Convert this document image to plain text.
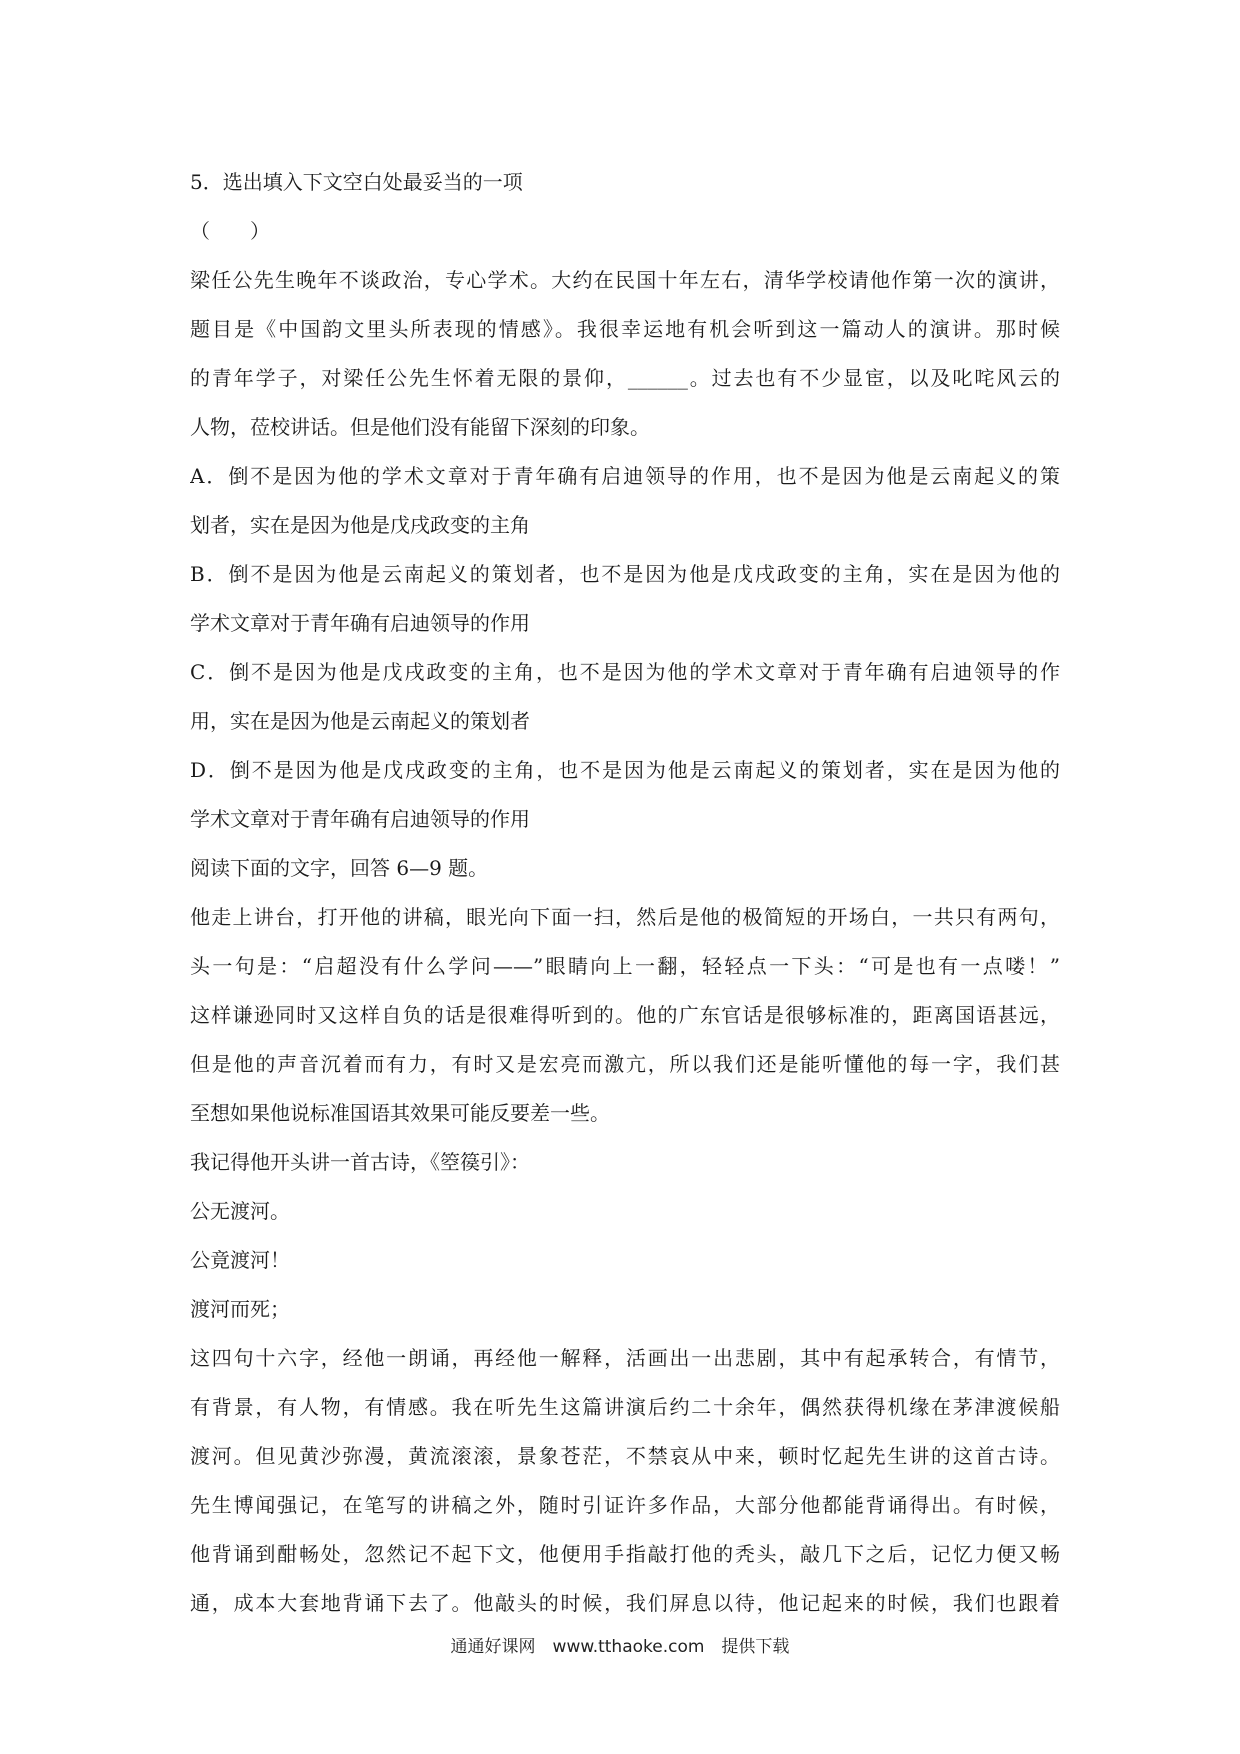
5．选出填入下文空白处最妥当的一项
（　　）
梁任公先生晚年不谈政治，专心学术。大约在民国十年左右，清华学校请他作第一次的演讲，
题目是《中国韵文里头所表现的情感》。我很幸运地有机会听到这一篇动人的演讲。那时候
的青年学子，对梁任公先生怀着无限的景仰，______。过去也有不少显宦，以及叱咤风云的
人物，莅校讲话。但是他们没有能留下深刻的印象。
A．倒不是因为他的学术文章对于青年确有启迪领导的作用，也不是因为他是云南起义的策
划者，实在是因为他是戊戌政变的主角
B．倒不是因为他是云南起义的策划者，也不是因为他是戊戌政变的主角，实在是因为他的
学术文章对于青年确有启迪领导的作用
C．倒不是因为他是戊戌政变的主角，也不是因为他的学术文章对于青年确有启迪领导的作
用，实在是因为他是云南起义的策划者
D．倒不是因为他是戊戌政变的主角，也不是因为他是云南起义的策划者，实在是因为他的
学术文章对于青年确有启迪领导的作用
阅读下面的文字，回答 6—9 题。
他走上讲台，打开他的讲稿，眼光向下面一扫，然后是他的极简短的开场白，一共只有两句，
头一句是：“启超没有什么学问——”眼睛向上一翻，轻轻点一下头：“可是也有一点喽！”
这样谦逊同时又这样自负的话是很难得听到的。他的广东官话是很够标准的，距离国语甚远，
但是他的声音沉着而有力，有时又是宏亮而激亢，所以我们还是能听懂他的每一字，我们甚
至想如果他说标准国语其效果可能反要差一些。
我记得他开头讲一首古诗，《箜篌引》：
公无渡河。
公竟渡河！
渡河而死；
这四句十六字，经他一朗诵，再经他一解释，活画出一出悲剧，其中有起承转合，有情节，
有背景，有人物，有情感。我在听先生这篇讲演后约二十余年，偶然获得机缘在茅津渡候船
渡河。但见黄沙弥漫，黄流滚滚，景象苍茫，不禁哀从中来，顿时忆起先生讲的这首古诗。
先生博闻强记，在笔写的讲稿之外，随时引证许多作品，大部分他都能背诵得出。有时候，
他背诵到酣畅处，忽然记不起下文，他便用手指敲打他的秃头，敲几下之后，记忆力便又畅
通，成本大套地背诵下去了。他敲头的时候，我们屏息以待，他记起来的时候，我们也跟着
通通好课网　www.tthaoke.com　提供下载
